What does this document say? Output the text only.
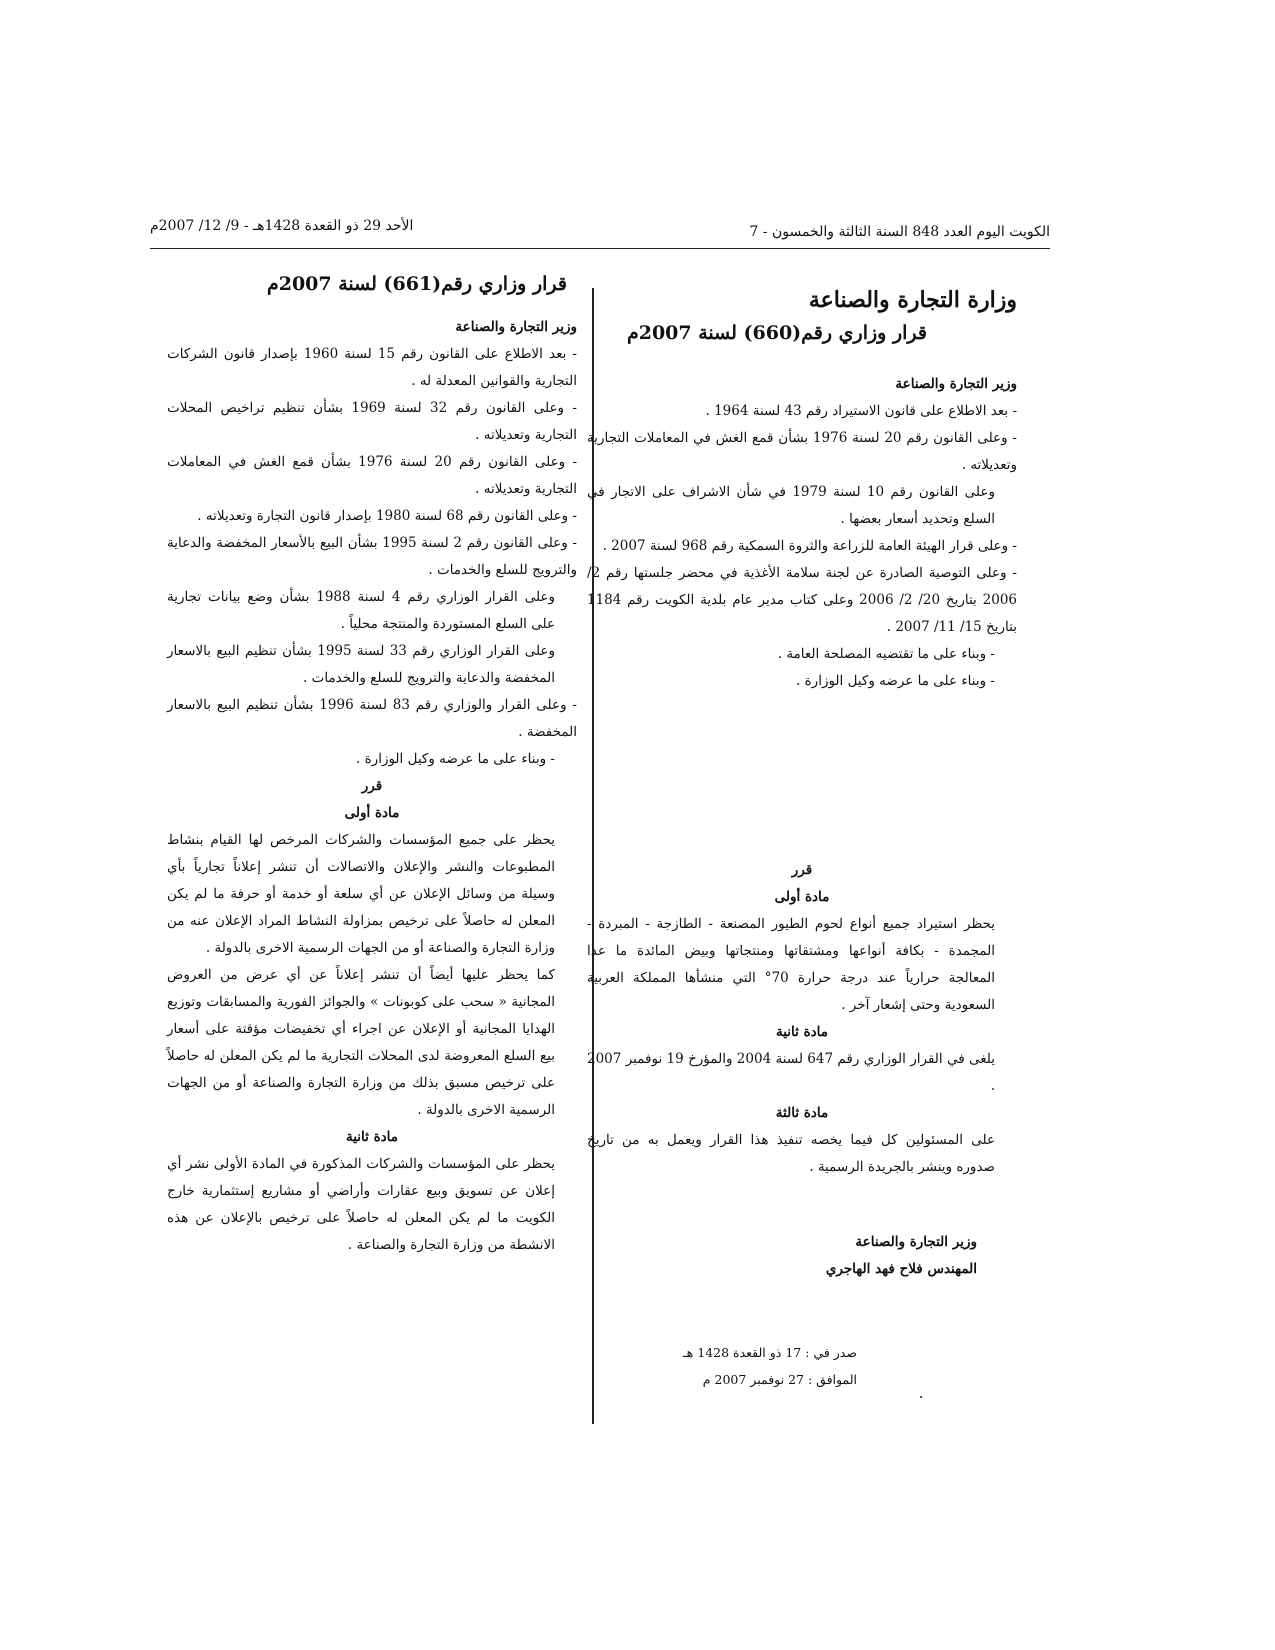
الكويت اليوم العدد 848 السنة الثالثة والخمسون - 7
الأحد 29 ذو القعدة 1428هـ - 9/ 12/ 2007م
وزارة التجارة والصناعة
قرار وزاري رقم(660) لسنة 2007م
وزير التجارة والصناعة

- بعد الاطلاع على قانون الاستيراد رقم 43 لسنة 1964 .

- وعلى القانون رقم 20 لسنة 1976 بشأن قمع الغش في المعاملات التجارية وتعديلاته .

وعلى القانون رقم 10 لسنة 1979 في شأن الاشراف على الاتجار في السلع وتحديد أسعار بعضها .

- وعلى قرار الهيئة العامة للزراعة والثروة السمكية رقم 968 لسنة 2007 .

- وعلى التوصية الصادرة عن لجنة سلامة الأغذية في محضر جلستها رقم 2/ 2006 بتاريخ 20/ 2/ 2006 وعلى كتاب مدير عام بلدية الكويت رقم 1184 بتاريخ 15/ 11/ 2007 .

- وبناء على ما تقتضيه المصلحة العامة .

- وبناء على ما عرضه وكيل الوزارة .

قرر
مادة أولى

يحظر استيراد جميع أنواع لحوم الطيور المصنعة - الطازجة - المبردة - المجمدة - بكافة أنواعها ومشتقاتها ومنتجاتها وبيض المائدة ما عدا المعالجة حرارياً عند درجة حرارة 70° التي منشأها المملكة العربية السعودية وحتى إشعار آخر .

مادة ثانية

يلغى في القرار الوزاري رقم 647 لسنة 2004 والمؤرخ 19 نوفمبر 2007 .

مادة ثالثة

على المسئولين كل فيما يخصه تنفيذ هذا القرار ويعمل به من تاريخ صدوره وينشر بالجريدة الرسمية .

وزير التجارة والصناعة
المهندس فلاح فهد الهاجري
صدر في : 17 ذو القعدة 1428 هـ
الموافق : 27 نوفمبر 2007 م
قرار وزاري رقم(661) لسنة 2007م
وزير التجارة والصناعة

- بعد الاطلاع على القانون رقم 15 لسنة 1960 بإصدار قانون الشركات التجارية والقوانين المعدلة له .

- وعلى القانون رقم 32 لسنة 1969 بشأن تنظيم تراخيص المحلات التجارية وتعديلاته .

- وعلى القانون رقم 20 لسنة 1976 بشأن قمع الغش في المعاملات التجارية وتعديلاته .

- وعلى القانون رقم 68 لسنة 1980 بإصدار قانون التجارة وتعديلاته .

- وعلى القانون رقم 2 لسنة 1995 بشأن البيع بالأسعار المخفضة والدعاية والترويج للسلع والخدمات .

وعلى القرار الوزاري رقم 4 لسنة 1988 بشأن وضع بيانات تجارية على السلع المستوردة والمنتجة محلياً .

وعلى القرار الوزاري رقم 33 لسنة 1995 بشأن تنظيم البيع بالاسعار المخفضة والدعاية والترويج للسلع والخدمات .

- وعلى القرار والوزاري رقم 83 لسنة 1996 بشأن تنظيم البيع بالاسعار المخفضة .

- وبناء على ما عرضه وكيل الوزارة .

قرر
مادة أولى

يحظر على جميع المؤسسات والشركات المرخص لها القيام بنشاط المطبوعات والنشر والإعلان والاتصالات أن تنشر إعلاناً تجارياً بأي وسيلة من وسائل الإعلان عن أي سلعة أو خدمة أو حرفة ما لم يكن المعلن له حاصلاً على ترخيص بمزاولة النشاط المراد الإعلان عنه من وزارة التجارة والصناعة أو من الجهات الرسمية الاخرى بالدولة .

كما يحظر عليها أيضاً أن تنشر إعلاناً عن أي عرض من العروض المجانية « سحب على كوبونات » والجوائز الفورية والمسابقات وتوزيع الهدايا المجانية أو الإعلان عن اجراء أي تخفيضات مؤقتة على أسعار بيع السلع المعروضة لدى المحلات التجارية ما لم يكن المعلن له حاصلاً على ترخيص مسبق بذلك من وزارة التجارة والصناعة أو من الجهات الرسمية الاخرى بالدولة .

مادة ثانية

يحظر على المؤسسات والشركات المذكورة في المادة الأولى نشر أي إعلان عن تسويق وبيع عقارات وأراضي أو مشاريع إستثمارية خارج الكويت ما لم يكن المعلن له حاصلاً على ترخيص بالإعلان عن هذه الانشطة من وزارة التجارة والصناعة .
